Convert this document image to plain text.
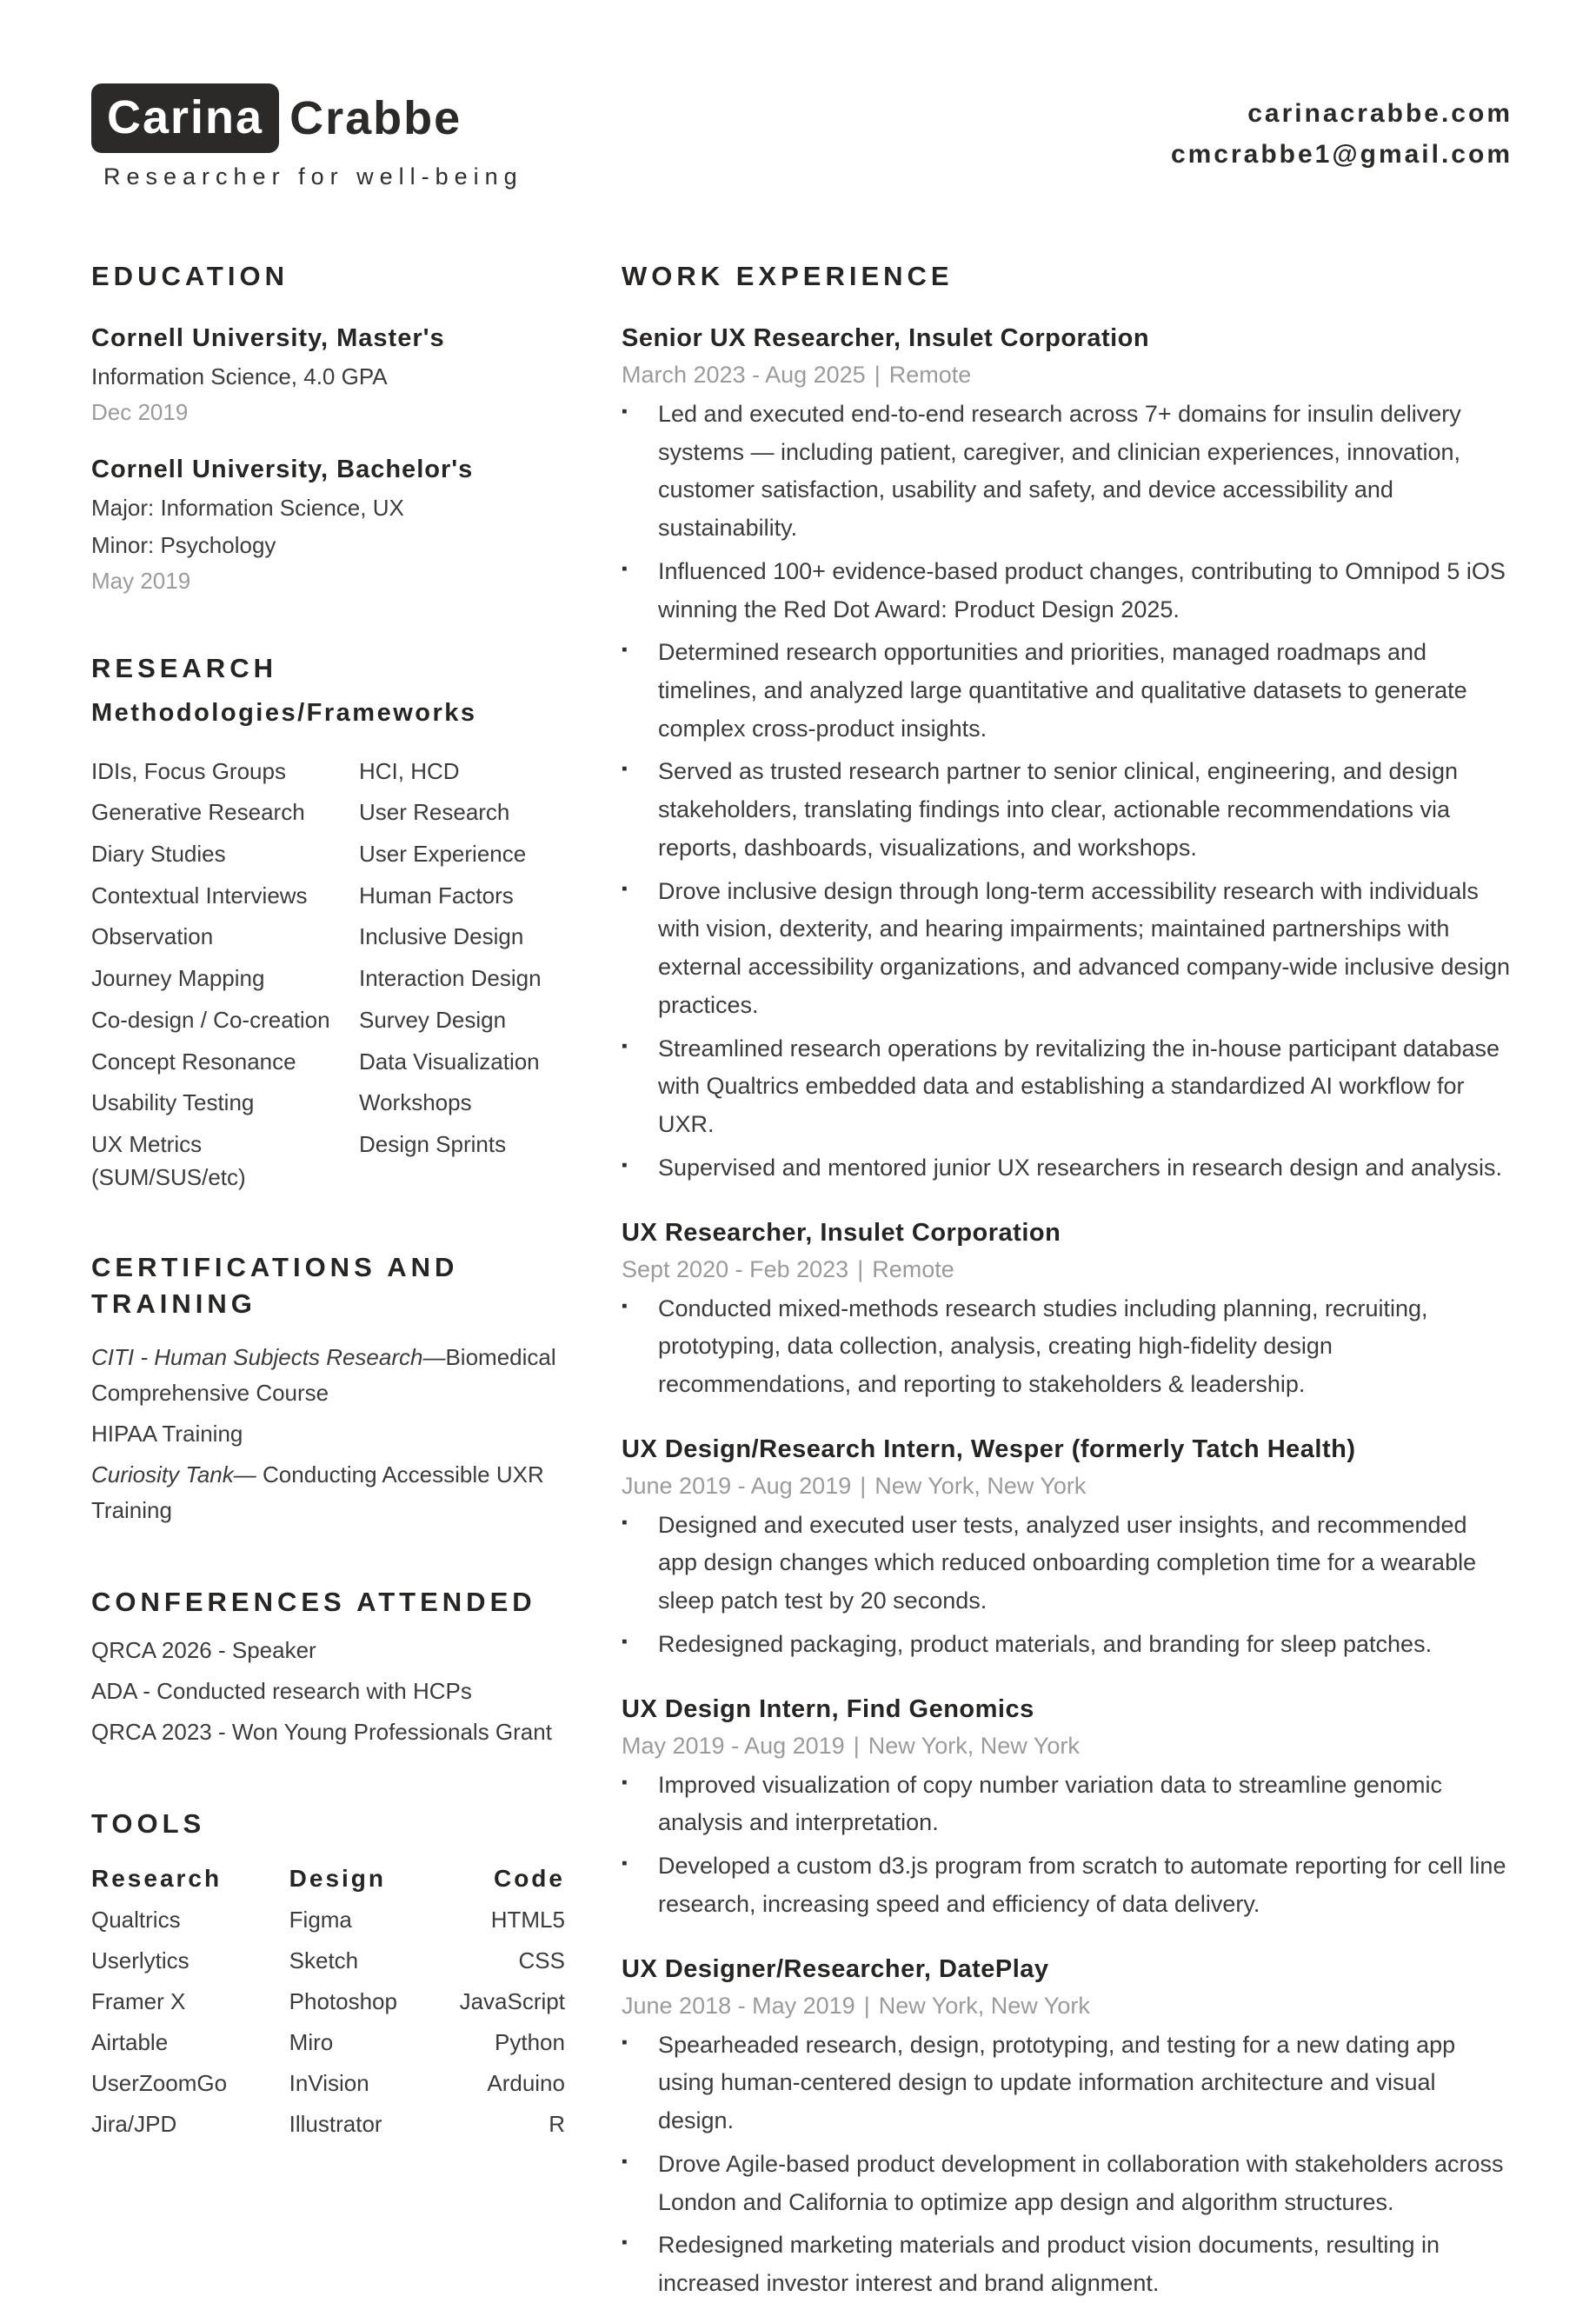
Carina Crabbe
Researcher for well-being
carinacrabbe.com
cmcrabbe1@gmail.com
EDUCATION
Cornell University, Master's
Information Science, 4.0 GPA
Dec 2019
Cornell University, Bachelor's
Major: Information Science, UX
Minor: Psychology
May 2019
RESEARCH
Methodologies/Frameworks
IDIs, Focus Groups
Generative Research
Diary Studies
Contextual Interviews
Observation
Journey Mapping
Co-design / Co-creation
Concept Resonance
Usability Testing
UX Metrics (SUM/SUS/etc)
HCI, HCD
User Research
User Experience
Human Factors
Inclusive Design
Interaction Design
Survey Design
Data Visualization
Workshops
Design Sprints
CERTIFICATIONS AND TRAINING
CITI - Human Subjects Research—Biomedical Comprehensive Course
HIPAA Training
Curiosity Tank— Conducting Accessible UXR Training
CONFERENCES ATTENDED
QRCA 2026 - Speaker
ADA - Conducted research with HCPs
QRCA 2023 - Won Young Professionals Grant
TOOLS
Research
Qualtrics
Userlytics
Framer X
Airtable
UserZoomGo
Jira/JPD
Design
Figma
Sketch
Photoshop
Miro
InVision
Illustrator
Code
HTML5
CSS
JavaScript
Python
Arduino
R
WORK EXPERIENCE
Senior UX Researcher, Insulet Corporation
March 2023 - Aug 2025 | Remote
▪
Led and executed end-to-end research across 7+ domains for insulin delivery systems — including patient, caregiver, and clinician experiences, innovation, customer satisfaction, usability and safety, and device accessibility and sustainability.
▪
Influenced 100+ evidence-based product changes, contributing to Omnipod 5 iOS winning the Red Dot Award: Product Design 2025.
▪
Determined research opportunities and priorities, managed roadmaps and timelines, and analyzed large quantitative and qualitative datasets to generate complex cross-product insights.
▪
Served as trusted research partner to senior clinical, engineering, and design stakeholders, translating findings into clear, actionable recommendations via reports, dashboards, visualizations, and workshops.
▪
Drove inclusive design through long-term accessibility research with individuals with vision, dexterity, and hearing impairments; maintained partnerships with external accessibility organizations, and advanced company-wide inclusive design practices.
▪
Streamlined research operations by revitalizing the in-house participant database with Qualtrics embedded data and establishing a standardized AI workflow for UXR.
▪
Supervised and mentored junior UX researchers in research design and analysis.
UX Researcher, Insulet Corporation
Sept 2020 - Feb 2023 | Remote
▪
Conducted mixed-methods research studies including planning, recruiting, prototyping, data collection, analysis, creating high-fidelity design recommendations, and reporting to stakeholders & leadership.
UX Design/Research Intern, Wesper (formerly Tatch Health)
June 2019 - Aug 2019 | New York, New York
▪
Designed and executed user tests, analyzed user insights, and recommended app design changes which reduced onboarding completion time for a wearable sleep patch test by 20 seconds.
▪
Redesigned packaging, product materials, and branding for sleep patches.
UX Design Intern, Find Genomics
May 2019 - Aug 2019 | New York, New York
▪
Improved visualization of copy number variation data to streamline genomic analysis and interpretation.
▪
Developed a custom d3.js program from scratch to automate reporting for cell line research, increasing speed and efficiency of data delivery.
UX Designer/Researcher, DatePlay
June 2018 - May 2019 | New York, New York
▪
Spearheaded research, design, prototyping, and testing for a new dating app using human-centered design to update information architecture and visual design.
▪
Drove Agile-based product development in collaboration with stakeholders across London and California to optimize app design and algorithm structures.
▪
Redesigned marketing materials and product vision documents, resulting in increased investor interest and brand alignment.
